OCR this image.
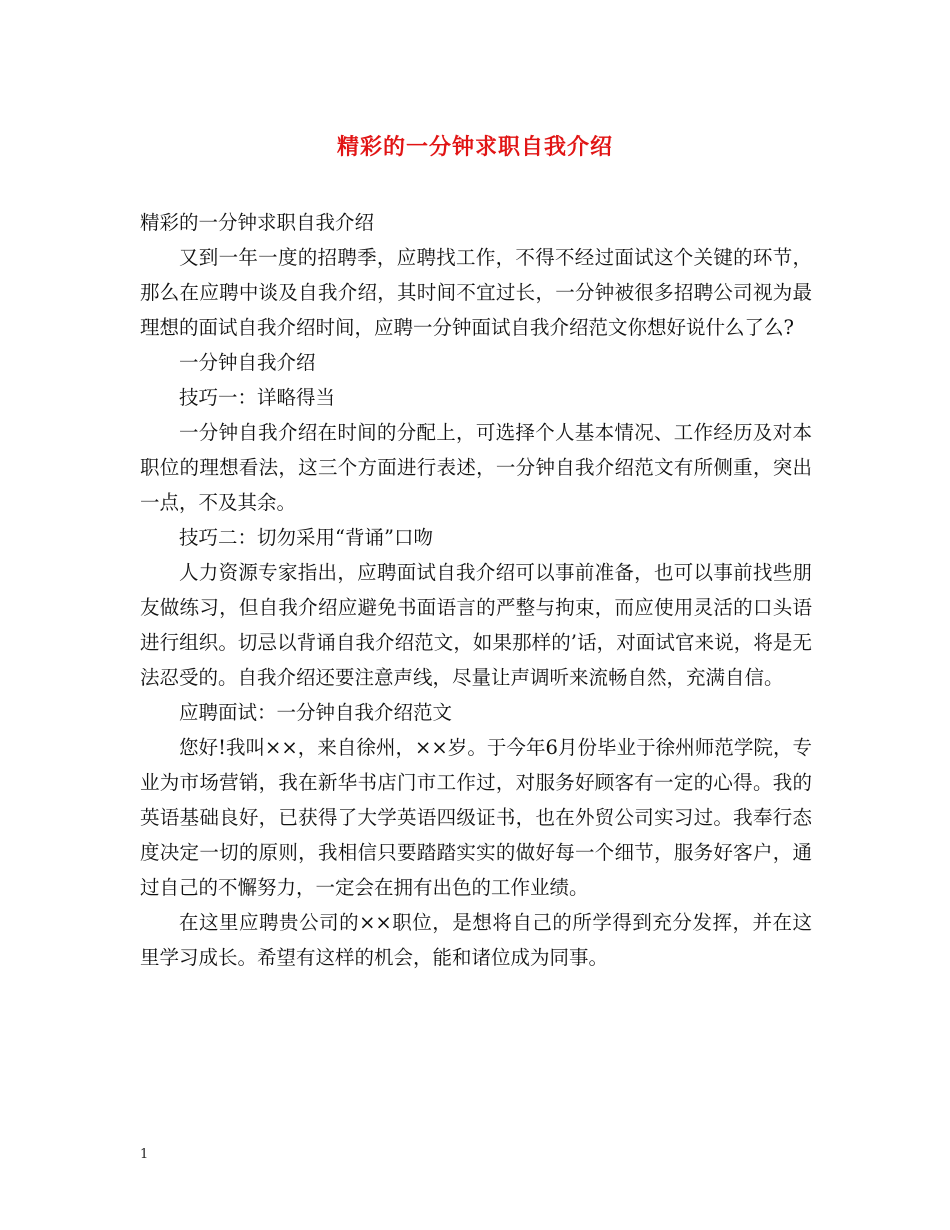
精彩的一分钟求职自我介绍

精彩的一分钟求职自我介绍

又到一年一度的招聘季，应聘找工作，不得不经过面试这个关键的环节，那么在应聘中谈及自我介绍，其时间不宜过长，一分钟被很多招聘公司视为最理想的面试自我介绍时间，应聘一分钟面试自我介绍范文你想好说什么了么?

一分钟自我介绍

技巧一：详略得当

一分钟自我介绍在时间的分配上，可选择个人基本情况、工作经历及对本职位的理想看法，这三个方面进行表述，一分钟自我介绍范文有所侧重，突出一点，不及其余。

技巧二：切勿采用“背诵”口吻

人力资源专家指出，应聘面试自我介绍可以事前准备，也可以事前找些朋友做练习，但自我介绍应避免书面语言的严整与拘束，而应使用灵活的口头语进行组织。切忌以背诵自我介绍范文，如果那样的’话，对面试官来说，将是无法忍受的。自我介绍还要注意声线，尽量让声调听来流畅自然，充满自信。

应聘面试：一分钟自我介绍范文

您好!我叫××，来自徐州，××岁。于今年6月份毕业于徐州师范学院，专业为市场营销，我在新华书店门市工作过，对服务好顾客有一定的心得。我的英语基础良好，已获得了大学英语四级证书，也在外贸公司实习过。我奉行态度决定一切的原则，我相信只要踏踏实实的做好每一个细节，服务好客户，通过自己的不懈努力，一定会在拥有出色的工作业绩。

在这里应聘贵公司的××职位，是想将自己的所学得到充分发挥，并在这里学习成长。希望有这样的机会，能和诸位成为同事。

1
